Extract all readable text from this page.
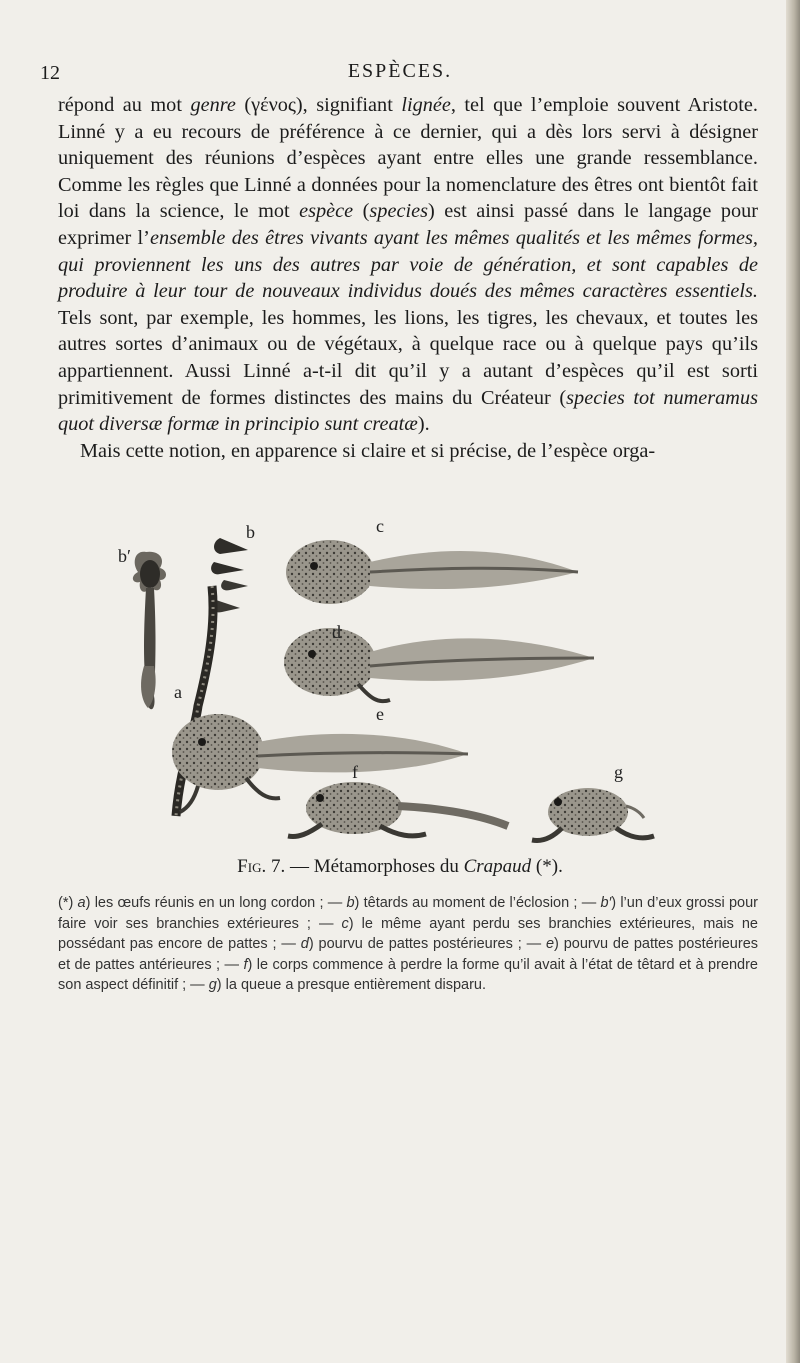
12	ESPÈCES.

répond au mot genre (γένος), signifiant lignée, tel que l’emploie souvent Aristote. Linné y a eu recours de préférence à ce dernier, qui a dès lors servi à désigner uniquement des réunions d’espèces ayant entre elles une grande ressemblance. Comme les règles que Linné a données pour la nomenclature des êtres ont bientôt fait loi dans la science, le mot espèce (species) est ainsi passé dans le langage pour exprimer l’ensemble des êtres vivants ayant les mêmes qualités et les mêmes formes, qui proviennent les uns des autres par voie de génération, et sont capables de produire à leur tour de nouveaux individus doués des mêmes caractères essentiels. Tels sont, par exemple, les hommes, les lions, les tigres, les chevaux, et toutes les autres sortes d’animaux ou de végétaux, à quelque race ou à quelque pays qu’ils appartiennent. Aussi Linné a-t-il dit qu’il y a autant d’espèces qu’il est sorti primitivement de formes distinctes des mains du Créateur (species tot numeramus quot diversæ formæ in principio sunt creatæ).

Mais cette notion, en apparence si claire et si précise, de l’espèce orga-

b′
b	c
d
a
e
f	g
Fig. 7. — Métamorphoses du Crapaud (*).
(*) a) les œufs réunis en un long cordon ; — b) têtards au moment de l’éclosion ; — b′) l’un d’eux grossi pour faire voir ses branchies extérieures ; — c) le même ayant perdu ses branchies extérieures, mais ne possédant pas encore de pattes ; — d) pourvu de pattes postérieures ; — e) pourvu de pattes postérieures et de pattes antérieures ; — f) le corps commence à perdre la forme qu’il avait à l’état de têtard et à prendre son aspect définitif ; — g) la queue a presque entièrement disparu.
